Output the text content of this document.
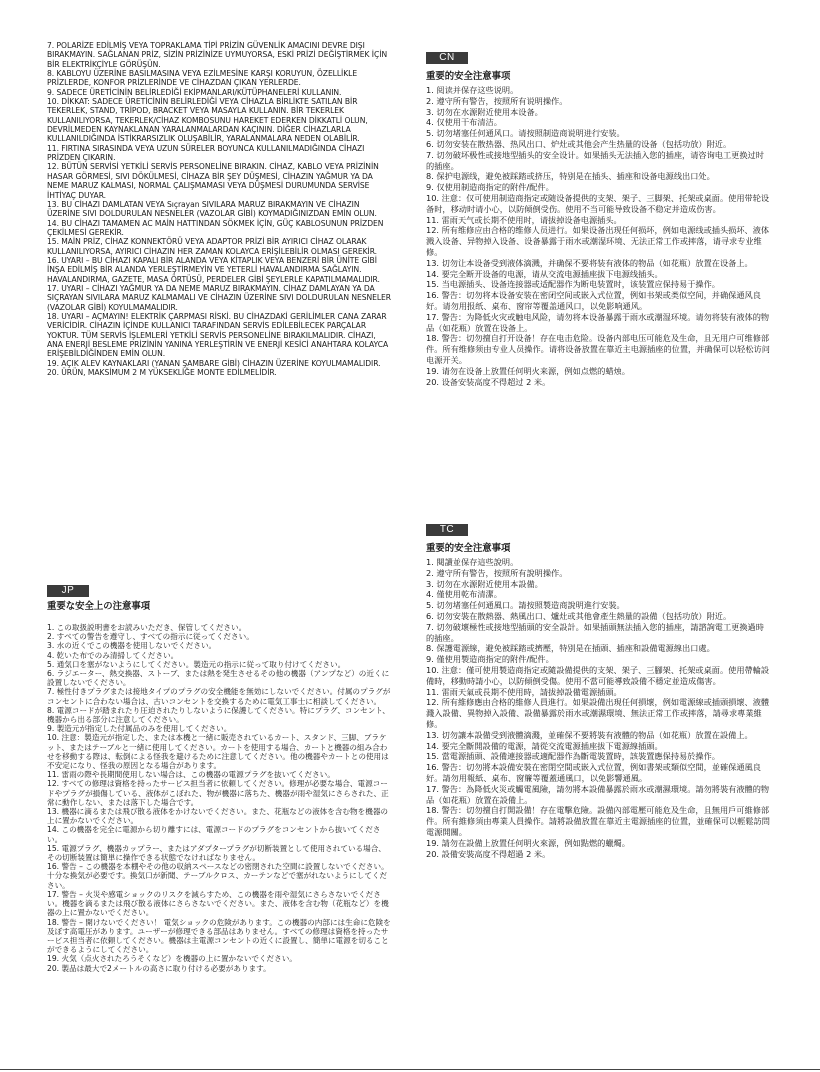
7. POLARİZE EDİLMİŞ VEYA TOPRAKLAMA TİPİ PRİZİN GÜVENLİK AMACINI DEVRE DIŞI BIRAKMAYIN. SAĞLANAN PRİZ, SİZİN PRİZİNİZE UYMUYORSA, ESKİ PRİZİ DEĞİŞTİRMEK İÇİN BİR ELEKTRİKÇİYLE GÖRÜŞÜN.
8. KABLOYU ÜZERİNE BASILMASINA VEYA EZİLMESİNE KARŞI KORUYUN, ÖZELLİKLE PRİZLERDE, KONFOR PRİZLERİNDE VE CİHAZDAN ÇIKAN YERLERDE.
9. SADECE ÜRETİCİNİN BELİRLEDİĞİ EKİPMANLARI/KÜTÜPHANELERİ KULLANIN.
10. DİKKAT: SADECE ÜRETİCİNİN BELİRLEDİĞİ VEYA CİHAZLA BİRLİKTE SATILAN BİR TEKERLEK, STAND, TRİPOD, BRACKET VEYA MASAYLA KULLANIN. BİR TEKERLEK KULLANILIYORSA, TEKERLEK/CİHAZ KOMBOSUNU HAREKET EDERKEN DİKKATLİ OLUN, DEVRİLMEDEN KAYNAKLANAN YARALANMALARDAN KAÇININ. DİĞER CİHAZLARLA KULLANILDIĞINDA İSTİKRARSIZLIK OLUŞABİLİR, YARALANMALARA NEDEN OLABİLİR.
11. FIRTINA SIRASINDA VEYA UZUN SÜRELER BOYUNCA KULLANILMADIĞINDA CİHAZI PRİZDEN ÇIKARIN.
12. BÜTÜN SERVİSİ YETKİLİ SERVİS PERSONELİNE BIRAKIN. CİHAZ, KABLO VEYA PRİZİNİN HASAR GÖRMESİ, SIVI DÖKÜLMESİ, CİHAZA BİR ŞEY DÜŞMESİ, CİHAZIN YAĞMUR YA DA NEME MARUZ KALMASI, NORMAL ÇALIŞMAMASI VEYA DÜŞMESİ DURUMUNDA SERVİSE İHTİYAÇ DUYAR.
13. BU CİHAZI DAMLATAN VEYA Sıçrayan SIVILARA MARUZ BIRAKMAYIN VE CİHAZIN ÜZERİNE SIVI DOLDURULAN NESNELER (VAZOLAR GİBİ) KOYMADIĞINIZDAN EMİN OLUN.
14. BU CİHAZI TAMAMEN AC MAİN HATTINDAN SÖKMEK İÇİN, GÜÇ KABLOSUNUN PRİZDEN ÇEKİLMESİ GEREKİR.
15. MAİN PRİZ, CİHAZ KONNEKTÖRÜ VEYA ADAPTOR PRİZİ BİR AYIRICI CİHAZ OLARAK KULLANILIYORSA, AYIRICI CİHAZIN HER ZAMAN KOLAYCA ERİŞİLEBİLİR OLMASI GEREKİR.
16. UYARI – BU CİHAZI KAPALI BİR ALANDA VEYA KİTAPLIK VEYA BENZERİ BİR ÜNİTE GİBİ İNŞA EDİLMİŞ BİR ALANDA YERLEŞTİRMEYİN VE YETERLİ HAVALANDIRMA SAĞLAYIN. HAVALANDIRMA, GAZETE, MASA ÖRTÜSÜ, PERDELER GİBİ ŞEYLERLE KAPATILMAMALIDIR.
17. UYARI – CİHAZI YAĞMUR YA DA NEME MARUZ BIRAKMAYIN. CİHAZ DAMLAYAN YA DA SIÇRAYAN SIVILARA MARUZ KALMAMALI VE CİHAZIN ÜZERİNE SIVI DOLDURULAN NESNELER (VAZOLAR GİBİ) KOYULMAMALIDIR.
18. UYARI – AÇMAYIN! ELEKTRİK ÇARPMASI RİSKİ. BU CİHAZDAKİ GERİLİMLER CANA ZARAR VERİCİDİR. CİHAZIN İÇİNDE KULLANICI TARAFINDAN SERVİS EDİLEBİLECEK PARÇALAR YOKTUR. TÜM SERVİS İŞLEMLERİ YETKİLİ SERVİS PERSONELİNE BIRAKILMALIDIR. CİHAZI, ANA ENERJİ BESLEME PRİZİNİN YANINA YERLEŞTİRİN VE ENERJİ KESİCİ ANAHTARA KOLAYCA ERİŞEBİLDİĞİNDEN EMİN OLUN.
19. AÇIK ALEV KAYNAKLARI (YANAN ŞAMBARE GİBİ) CİHAZIN ÜZERİNE KOYULMAMALIDIR.
20. ÜRÜN, MAKSİMUM 2 M YÜKSEKLİĞE MONTE EDİLMELİDİR.
JP
重要な安全上の注意事項
1. この取扱説明書をお読みいただき、保管してください。
2. すべての警告を遵守し、すべての指示に従ってください。
3. 水の近くでこの機器を使用しないでください。
4. 乾いた布でのみ清掃してください。
5. 通気口を塞がないようにしてください。製造元の指示に従って取り付けてください。
6. ラジエーター、熱交換器、ストーブ、または熱を発生させるその他の機器（アンプなど）の近くに設置しないでください。
7. 極性付きプラグまたは接地タイプのプラグの安全機能を無効にしないでください。付属のプラグがコンセントに合わない場合は、古いコンセントを交換するために電気工事士に相談してください。
8. 電源コードが踏まれたり圧迫されたりしないように保護してください。特にプラグ、コンセント、機器から出る部分に注意してください。
9. 製造元が指定した付属品のみを使用してください。
10. 注意：製造元が指定した、または本機と一緒に販売されているカート、スタンド、三脚、ブラケット、またはテーブルと一緒に使用してください。カートを使用する場合、カートと機器の組み合わせを移動する際は、転倒による怪我を避けるために注意してください。他の機器やカートとの使用は不安定になり、怪我の原因となる場合があります。
11. 雷雨の際や長期間使用しない場合は、この機器の電源プラグを抜いてください。
12. すべての修理は資格を持ったサービス担当者に依頼してください。修理が必要な場合、電源コードやプラグが損傷している、液体がこぼれた、物が機器に落ちた、機器が雨や湿気にさらされた、正常に動作しない、または落下した場合です。
13. 機器に滴るまたは飛び散る液体をかけないでください。また、花瓶などの液体を含む物を機器の上に置かないでください。
14. この機器を完全に電源から切り離すには、電源コードのプラグをコンセントから抜いてください。
15. 電源プラグ、機器カップラー、またはアダプタープラグが切断装置として使用されている場合、その切断装置は簡単に操作できる状態でなければなりません。
16. 警告 – この機器を本棚やその他の収納スペースなどの密閉された空間に設置しないでください。十分な換気が必要です。換気口が新聞、テーブルクロス、カーテンなどで塞がれないようにしてください。
17. 警告 – 火災や感電ショックのリスクを減らすため、この機器を雨や湿気にさらさないでください。機器を滴るまたは飛び散る液体にさらさないでください。また、液体を含む物（花瓶など）を機器の上に置かないでください。
18. 警告 – 開けないでください！ 電気ショックの危険があります。この機器の内部には生命に危険を及ぼす高電圧があります。ユーザーが修理できる部品はありません。すべての修理は資格を持ったサービス担当者に依頼してください。機器は主電源コンセントの近くに設置し、簡単に電源を切ることができるようにしてください。
19. 火気（点火されたろうそくなど）を機器の上に置かないでください。
20. 製品は最大で2メートルの高さに取り付ける必要があります。
CN
重要的安全注意事项
1. 阅读并保存这些说明。
2. 遵守所有警告，按照所有说明操作。
3. 切勿在水源附近使用本设备。
4. 仅使用干布清洁。
5. 切勿堵塞任何通风口。请按照制造商说明进行安装。
6. 切勿安装在散热器、热风出口、炉灶或其他会产生热量的设备（包括功放）附近。
7. 切勿破坏极性或接地型插头的安全设计。如果插头无法插入您的插座，请咨询电工更换过时的插座。
8. 保护电源线，避免被踩踏或挤压，特别是在插头、插座和设备电源线出口处。
9. 仅使用制造商指定的附件/配件。
10. 注意：仅可使用制造商指定或随设备提供的支架、架子、三脚架、托架或桌面。使用带轮设备时，移动时请小心，以防倾倒受伤。使用不当可能导致设备不稳定并造成伤害。
11. 雷雨天气或长期不使用时，请拔掉设备电源插头。
12. 所有维修应由合格的维修人员进行。如果设备出现任何损坏，例如电源线或插头损坏、液体溅入设备、异物掉入设备、设备暴露于雨水或潮湿环境、无法正常工作或摔落，请寻求专业维修。
13. 切勿让本设备受到液体滴溅，并确保不要将装有液体的物品（如花瓶）放置在设备上。
14. 要完全断开设备的电源，请从交流电源插座拔下电源线插头。
15. 当电源插头、设备连接器或适配器作为断电装置时，该装置应保持易于操作。
16. 警告：切勿将本设备安装在密闭空间或嵌入式位置，例如书架或类似空间，并确保通风良好。请勿用报纸、桌布、窗帘等覆盖通风口，以免影响通风。
17. 警告：为降低火灾或触电风险，请勿将本设备暴露于雨水或潮湿环境。请勿将装有液体的物品（如花瓶）放置在设备上。
18. 警告：切勿擅自打开设备！存在电击危险。设备内部电压可能危及生命，且无用户可维修部件。所有维修须由专业人员操作。请将设备放置在靠近主电源插座的位置，并确保可以轻松访问电源开关。
19. 请勿在设备上放置任何明火来源，例如点燃的蜡烛。
20. 设备安装高度不得超过 2 米。
TC
重要的安全注意事項
1. 閱讀並保存這些說明。
2. 遵守所有警告，按照所有說明操作。
3. 切勿在水源附近使用本設備。
4. 僅使用乾布清潔。
5. 切勿堵塞任何通風口。請按照製造商說明進行安裝。
6. 切勿安裝在散熱器、熱風出口、爐灶或其他會產生熱量的設備（包括功放）附近。
7. 切勿破壞極性或接地型插頭的安全設計。如果插頭無法插入您的插座，請諮詢電工更換過時的插座。
8. 保護電源線，避免被踩踏或擠壓，特別是在插頭、插座和設備電源線出口處。
9. 僅使用製造商指定的附件/配件。
10. 注意：僅可使用製造商指定或隨設備提供的支架、架子、三腳架、托架或桌面。使用帶輪設備時，移動時請小心，以防傾倒受傷。使用不當可能導致設備不穩定並造成傷害。
11. 雷雨天氣或長期不使用時，請拔掉設備電源插頭。
12. 所有維修應由合格的維修人員進行。如果設備出現任何損壞，例如電源線或插頭損壞、液體濺入設備、異物掉入設備、設備暴露於雨水或潮濕環境、無法正常工作或摔落，請尋求專業維修。
13. 切勿讓本設備受到液體滴濺，並確保不要將裝有液體的物品（如花瓶）放置在設備上。
14. 要完全斷開設備的電源，請從交流電源插座拔下電源線插頭。
15. 當電源插頭、設備連接器或適配器作為斷電裝置時，該裝置應保持易於操作。
16. 警告：切勿將本設備安裝在密閉空間或嵌入式位置，例如書架或類似空間，並確保通風良好。請勿用報紙、桌布、窗簾等覆蓋通風口，以免影響通風。
17. 警告：為降低火災或觸電風險，請勿將本設備暴露於雨水或潮濕環境。請勿將裝有液體的物品（如花瓶）放置在設備上。
18. 警告：切勿擅自打開設備！存在電擊危險。設備內部電壓可能危及生命，且無用戶可維修部件。所有維修須由專業人員操作。請將設備放置在靠近主電源插座的位置，並確保可以輕鬆訪問電源開關。
19. 請勿在設備上放置任何明火來源，例如點燃的蠟燭。
20. 設備安裝高度不得超過 2 米。
